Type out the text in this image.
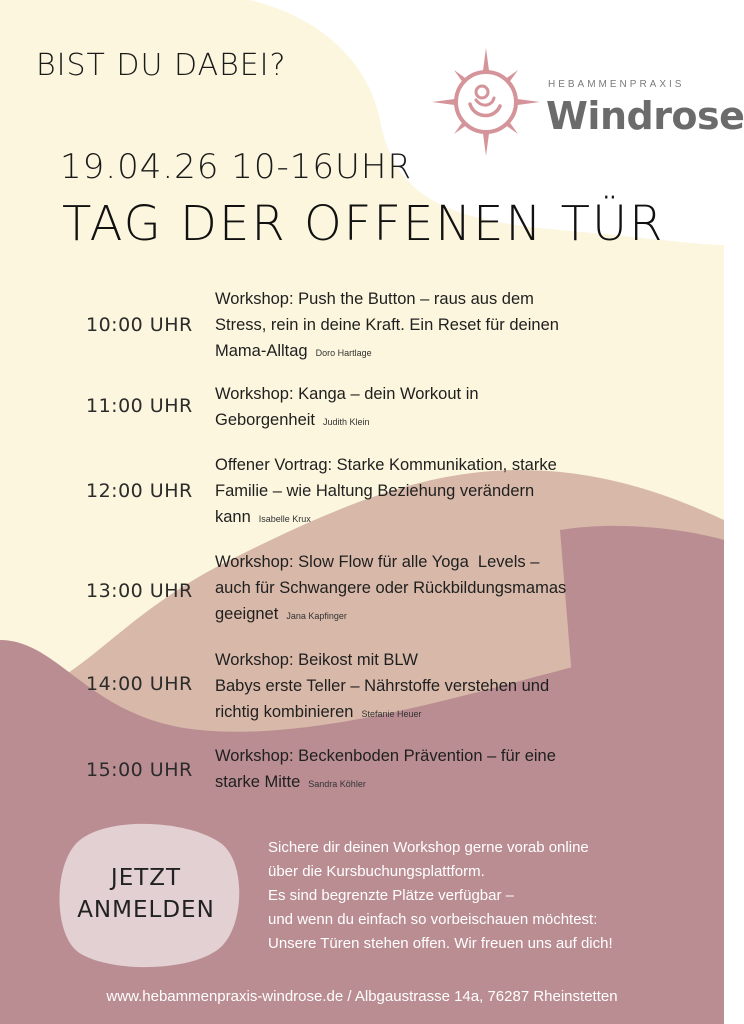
BIST DU DABEI?
HEBAMMENPRAXIS
Windrose
19.04.26 10-16UHR
TAG DER OFFENEN TÜR
10:00 UHR
Workshop: Push the Button – raus aus dem
Stress, rein in deine Kraft. Ein Reset für deinen
Mama-Alltag Doro Hartlage
11:00 UHR
Workshop: Kanga – dein Workout in
Geborgenheit Judith Klein
12:00 UHR
Offener Vortrag: Starke Kommunikation, starke
Familie – wie Haltung Beziehung verändern
kann Isabelle Krux
13:00 UHR
Workshop: Slow Flow für alle Yoga  Levels –
auch für Schwangere oder Rückbildungsmamas
geeignet Jana Kapfinger
14:00 UHR
Workshop: Beikost mit BLW
Babys erste Teller – Nährstoffe verstehen und
richtig kombinieren Stefanie Heuer
15:00 UHR
Workshop: Beckenboden Prävention – für eine
starke Mitte Sandra Köhler
JETZT
ANMELDEN
Sichere dir deinen Workshop gerne vorab online
über die Kursbuchungsplattform.
Es sind begrenzte Plätze verfügbar –
und wenn du einfach so vorbeischauen möchtest:
Unsere Türen stehen offen. Wir freuen uns auf dich!
www.hebammenpraxis-windrose.de / Albgaustrasse 14a, 76287 Rheinstetten
